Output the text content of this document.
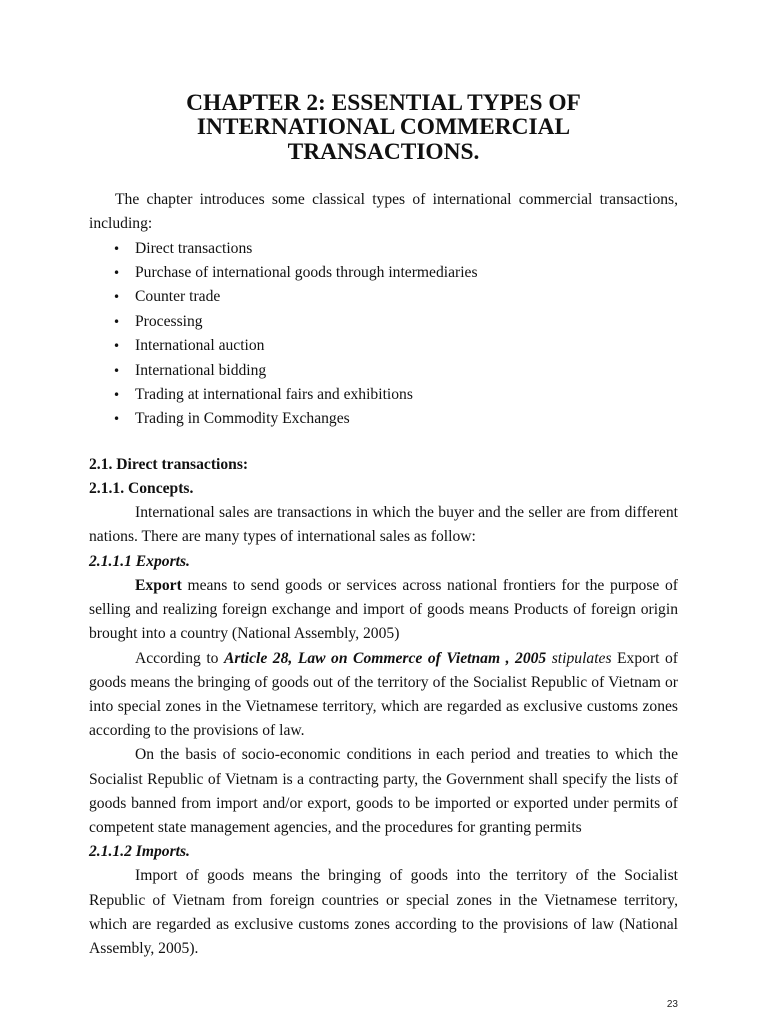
CHAPTER 2: ESSENTIAL TYPES OF INTERNATIONAL COMMERCIAL
TRANSACTIONS.

The chapter introduces some classical types of international commercial transactions, including:

• Direct transactions
• Purchase of international goods through intermediaries
• Counter trade
• Processing
• International auction
• International bidding
• Trading at international fairs and exhibitions
• Trading in Commodity Exchanges
2.1. Direct transactions:
2.1.1. Concepts.

International sales are transactions in which the buyer and the seller are from different nations. There are many types of international sales as follow:

2.1.1.1 Exports.

Export means to send goods or services across national frontiers for the purpose of selling and realizing foreign exchange and import of goods means Products of foreign origin brought into a country (National Assembly, 2005)

According to Article 28, Law on Commerce of Vietnam , 2005 stipulates Export of goods means the bringing of goods out of the territory of the Socialist Republic of Vietnam or into special zones in the Vietnamese territory, which are regarded as exclusive customs zones according to the provisions of law.

On the basis of socio-economic conditions in each period and treaties to which the Socialist Republic of Vietnam is a contracting party, the Government shall specify the lists of goods banned from import and/or export, goods to be imported or exported under permits of competent state management agencies, and the procedures for granting permits

2.1.1.2 Imports.

Import of goods means the bringing of goods into the territory of the Socialist Republic of Vietnam from foreign countries or special zones in the Vietnamese territory, which are regarded as exclusive customs zones according to the provisions of law (National Assembly, 2005).

23
